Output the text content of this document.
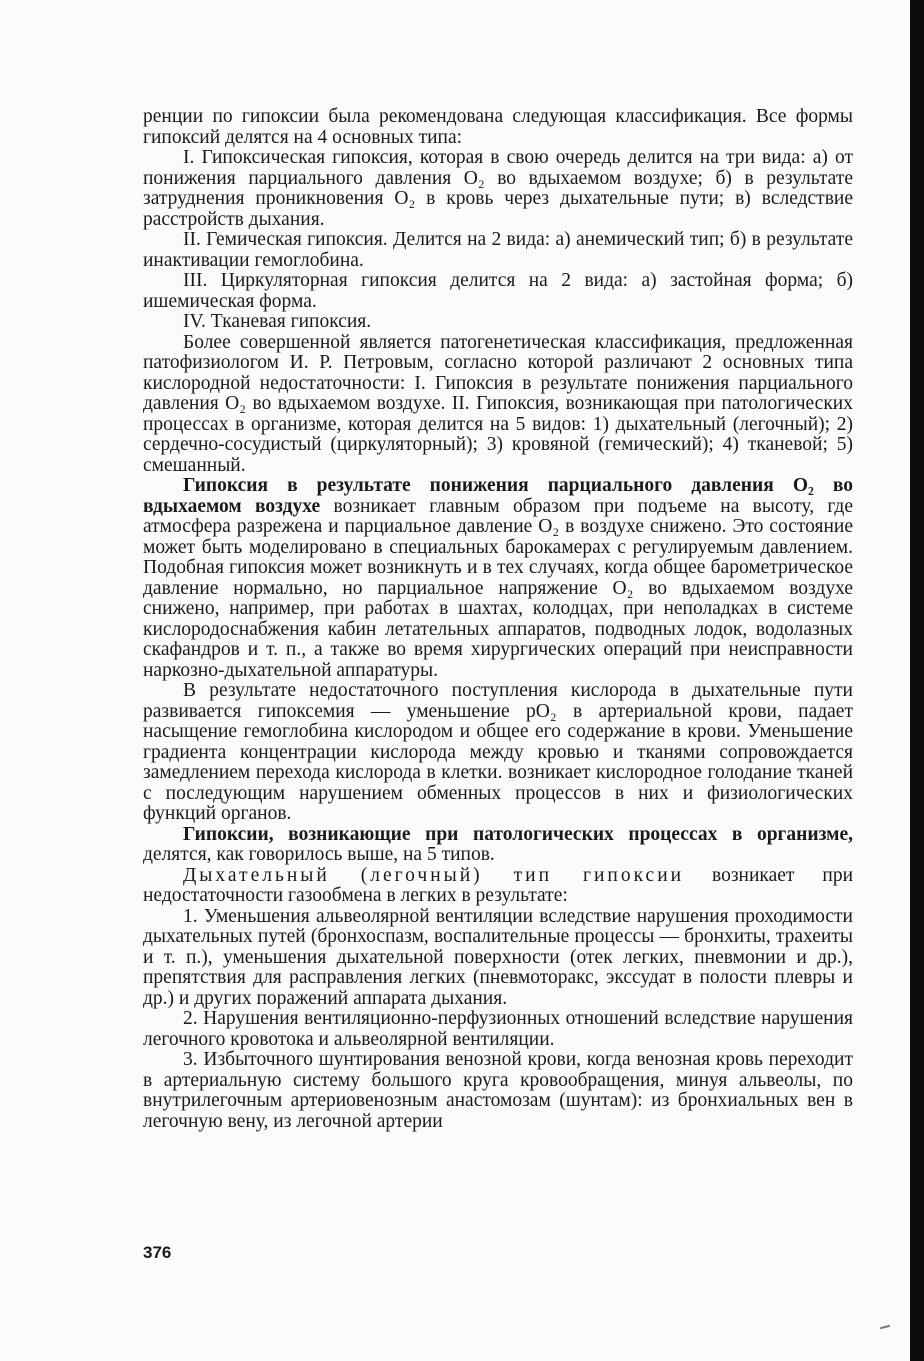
ренции по гипоксии была рекомендована следующая классификация. Все формы гипоксий делятся на 4 основных типа:

I. Гипоксическая гипоксия, которая в свою очередь делится на три вида: а) от понижения парциального давления O₂ во вдыхаемом воздухе; б) в результате затруднения проникновения O₂ в кровь через дыхательные пути; в) вследствие расстройств дыхания.

II. Гемическая гипоксия. Делится на 2 вида: а) анемический тип; б) в результате инактивации гемоглобина.

III. Циркуляторная гипоксия делится на 2 вида: а) застойная форма; б) ишемическая форма.

IV. Тканевая гипоксия.

Более совершенной является патогенетическая классификация, предложенная патофизиологом И. Р. Петровым, согласно которой различают 2 основных типа кислородной недостаточности: I. Гипоксия в результате понижения парциального давления O₂ во вдыхаемом воздухе. II. Гипоксия, возникающая при патологических процессах в организме, которая делится на 5 видов: 1) дыхательный (легочный); 2) сердечно-сосудистый (циркуляторный); 3) кровяной (гемический); 4) тканевой; 5) смешанный.

Гипоксия в результате понижения парциального давления O₂ во вдыхаемом воздухе возникает главным образом при подъеме на высоту, где атмосфера разрежена и парциальное давление O₂ в воздухе снижено. Это состояние может быть моделировано в специальных барокамерах с регулируемым давлением. Подобная гипоксия может возникнуть и в тех случаях, когда общее барометрическое давление нормально, но парциальное напряжение O₂ во вдыхаемом воздухе снижено, например, при работах в шахтах, колодцах, при неполадках в системе кислородоснабжения кабин летательных аппаратов, подводных лодок, водолазных скафандров и т. п., а также во время хирургических операций при неисправности наркозно-дыхательной аппаратуры.

В результате недостаточного поступления кислорода в дыхательные пути развивается гипоксемия — уменьшение pO₂ в артериальной крови, падает насыщение гемоглобина кислородом и общее его содержание в крови. Уменьшение градиента концентрации кислорода между кровью и тканями сопровождается замедлением перехода кислорода в клетки. возникает кислородное голодание тканей с последующим нарушением обменных процессов в них и физиологических функций органов.

Гипоксии, возникающие при патологических процессах в организме, делятся, как говорилось выше, на 5 типов.

Дыхательный (легочный) тип гипоксии возникает при недостаточности газообмена в легких в результате:

1. Уменьшения альвеолярной вентиляции вследствие нарушения проходимости дыхательных путей (бронхоспазм, воспалительные процессы — бронхиты, трахеиты и т. п.), уменьшения дыхательной поверхности (отек легких, пневмонии и др.), препятствия для расправления легких (пневмоторакс, экссудат в полости плевры и др.) и других поражений аппарата дыхания.

2. Нарушения вентиляционно-перфузионных отношений вследствие нарушения легочного кровотока и альвеолярной вентиляции.

3. Избыточного шунтирования венозной крови, когда венозная кровь переходит в артериальную систему большого круга кровообращения, минуя альвеолы, по внутрилегочным артериовенозным анастомозам (шунтам): из бронхиальных вен в легочную вену, из легочной артерии

376
